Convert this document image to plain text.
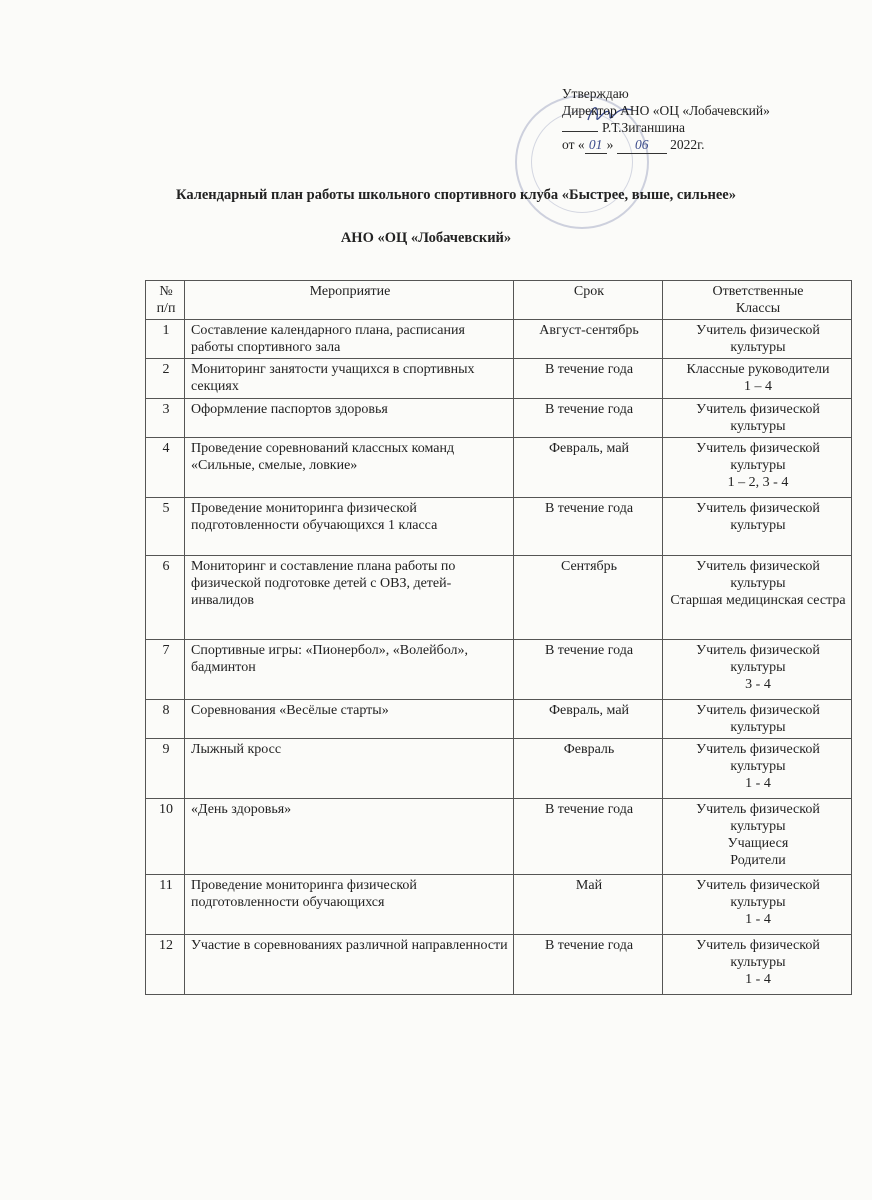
Утверждаю
Директор АНО «ОЦ «Лобачевский»
Р.Т.Зиганшина
от « 01 » 06 2022г.
Календарный план работы школьного спортивного клуба «Быстрее, выше, сильнее»
АНО «ОЦ «Лобачевский»
№ п/п	Мероприятие	Срок	Ответственные
Классы

1	Составление календарного плана, расписания работы спортивного зала	Август-сентябрь	Учитель физической культуры

2	Мониторинг занятости учащихся в спортивных секциях	В течение года	Классные руководители
1 – 4

3	Оформление паспортов здоровья	В течение года	Учитель физической культуры

4	Проведение соревнований классных команд «Сильные, смелые, ловкие»	Февраль, май	Учитель физической культуры
1 – 2, 3 - 4

5	Проведение мониторинга физической подготовленности обучающихся 1 класса	В течение года	Учитель физической культуры

6	Мониторинг и составление плана работы по физической подготовке детей с ОВЗ, детей-инвалидов	Сентябрь	Учитель физической культуры
Старшая медицинская сестра

7	Спортивные игры: «Пионербол», «Волейбол», бадминтон	В течение года	Учитель физической культуры
3 - 4

8	Соревнования «Весёлые старты»	Февраль, май	Учитель физической культуры

9	Лыжный кросс	Февраль	Учитель физической культуры
1 - 4

10	«День здоровья»	В течение года	Учитель физической культуры
Учащиеся
Родители

11	Проведение мониторинга физической подготовленности обучающихся	Май	Учитель физической культуры
1 - 4

12	Участие в соревнованиях различной направленности	В течение года	Учитель физической культуры
1 - 4
